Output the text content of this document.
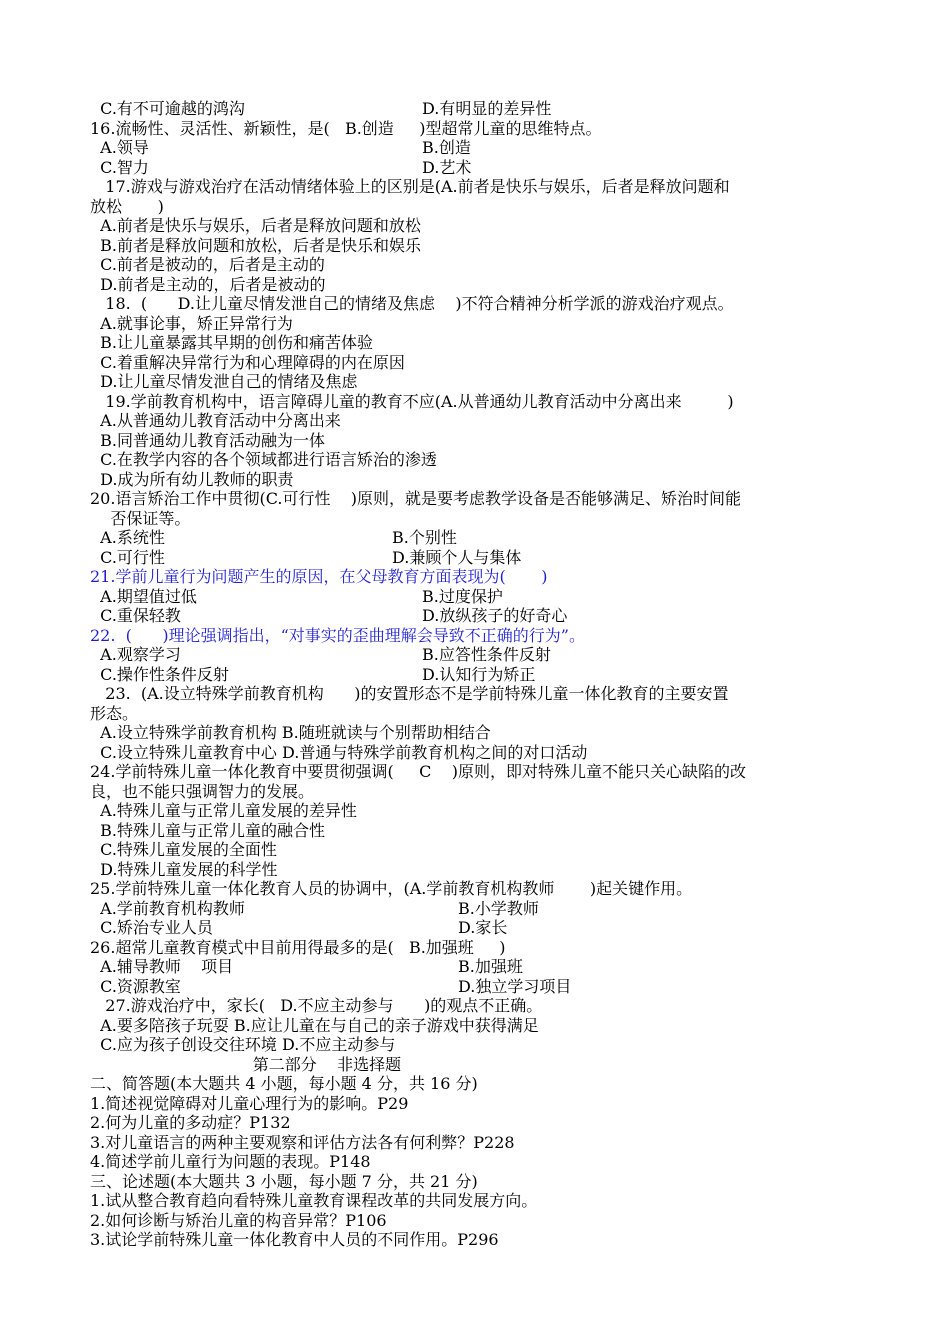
C.有不可逾越的鸿沟	D.有明显的差异性
16.流畅性、灵活性、新颖性，是(   B.创造     )型超常儿童的思维特点。
A.领导	B.创造
C.智力	D.艺术
17.游戏与游戏治疗在活动情绪体验上的区别是(A.前者是快乐与娱乐，后者是释放问题和
放松       )
A.前者是快乐与娱乐，后者是释放问题和放松
B.前者是释放问题和放松，后者是快乐和娱乐
C.前者是被动的，后者是主动的
D.前者是主动的，后者是被动的
18.  (      D.让儿童尽情发泄自己的情绪及焦虑    )不符合精神分析学派的游戏治疗观点。
A.就事论事，矫正异常行为
B.让儿童暴露其早期的创伤和痛苦体验
C.着重解决异常行为和心理障碍的内在原因
D.让儿童尽情发泄自己的情绪及焦虑
19.学前教育机构中，语言障碍儿童的教育不应(A.从普通幼儿教育活动中分离出来         )
A.从普通幼儿教育活动中分离出来
B.同普通幼儿教育活动融为一体
C.在教学内容的各个领域都进行语言矫治的渗透
D.成为所有幼儿教师的职责
20.语言矫治工作中贯彻(C.可行性    )原则，就是要考虑教学设备是否能够满足、矫治时间能
否保证等。
A.系统性	B.个别性
C.可行性	D.兼顾个人与集体
21.学前儿童行为问题产生的原因，在父母教育方面表现为(       )
A.期望值过低	B.过度保护
C.重保轻教	D.放纵孩子的好奇心
22.  (      )理论强调指出，“对事实的歪曲理解会导致不正确的行为”。
A.观察学习	B.应答性条件反射
C.操作性条件反射	D.认知行为矫正
23.  (A.设立特殊学前教育机构      )的安置形态不是学前特殊儿童一体化教育的主要安置
形态。
A.设立特殊学前教育机构 B.随班就读与个别帮助相结合
C.设立特殊儿童教育中心 D.普通与特殊学前教育机构之间的对口活动
24.学前特殊儿童一体化教育中要贯彻强调(     C    )原则，即对特殊儿童不能只关心缺陷的改
良，也不能只强调智力的发展。
A.特殊儿童与正常儿童发展的差异性
B.特殊儿童与正常儿童的融合性
C.特殊儿童发展的全面性
D.特殊儿童发展的科学性
25.学前特殊儿童一体化教育人员的协调中，(A.学前教育机构教师       )起关键作用。
A.学前教育机构教师	B.小学教师
C.矫治专业人员	D.家长
26.超常儿童教育模式中目前用得最多的是(   B.加强班     )
A.辅导教师    项目	B.加强班
C.资源教室	D.独立学习项目
27.游戏治疗中，家长(   D.不应主动参与      )的观点不正确。
A.要多陪孩子玩耍 B.应让儿童在与自己的亲子游戏中获得满足
C.应为孩子创设交往环境 D.不应主动参与
第二部分    非选择题
二、简答题(本大题共 4 小题，每小题 4 分，共 16 分)
1.简述视觉障碍对儿童心理行为的影响。P29
2.何为儿童的多动症？P132
3.对儿童语言的两种主要观察和评估方法各有何利弊？P228
4.简述学前儿童行为问题的表现。P148
三、论述题(本大题共 3 小题，每小题 7 分，共 21 分)
1.试从整合教育趋向看特殊儿童教育课程改革的共同发展方向。
2.如何诊断与矫治儿童的构音异常？P106
3.试论学前特殊儿童一体化教育中人员的不同作用。P296
